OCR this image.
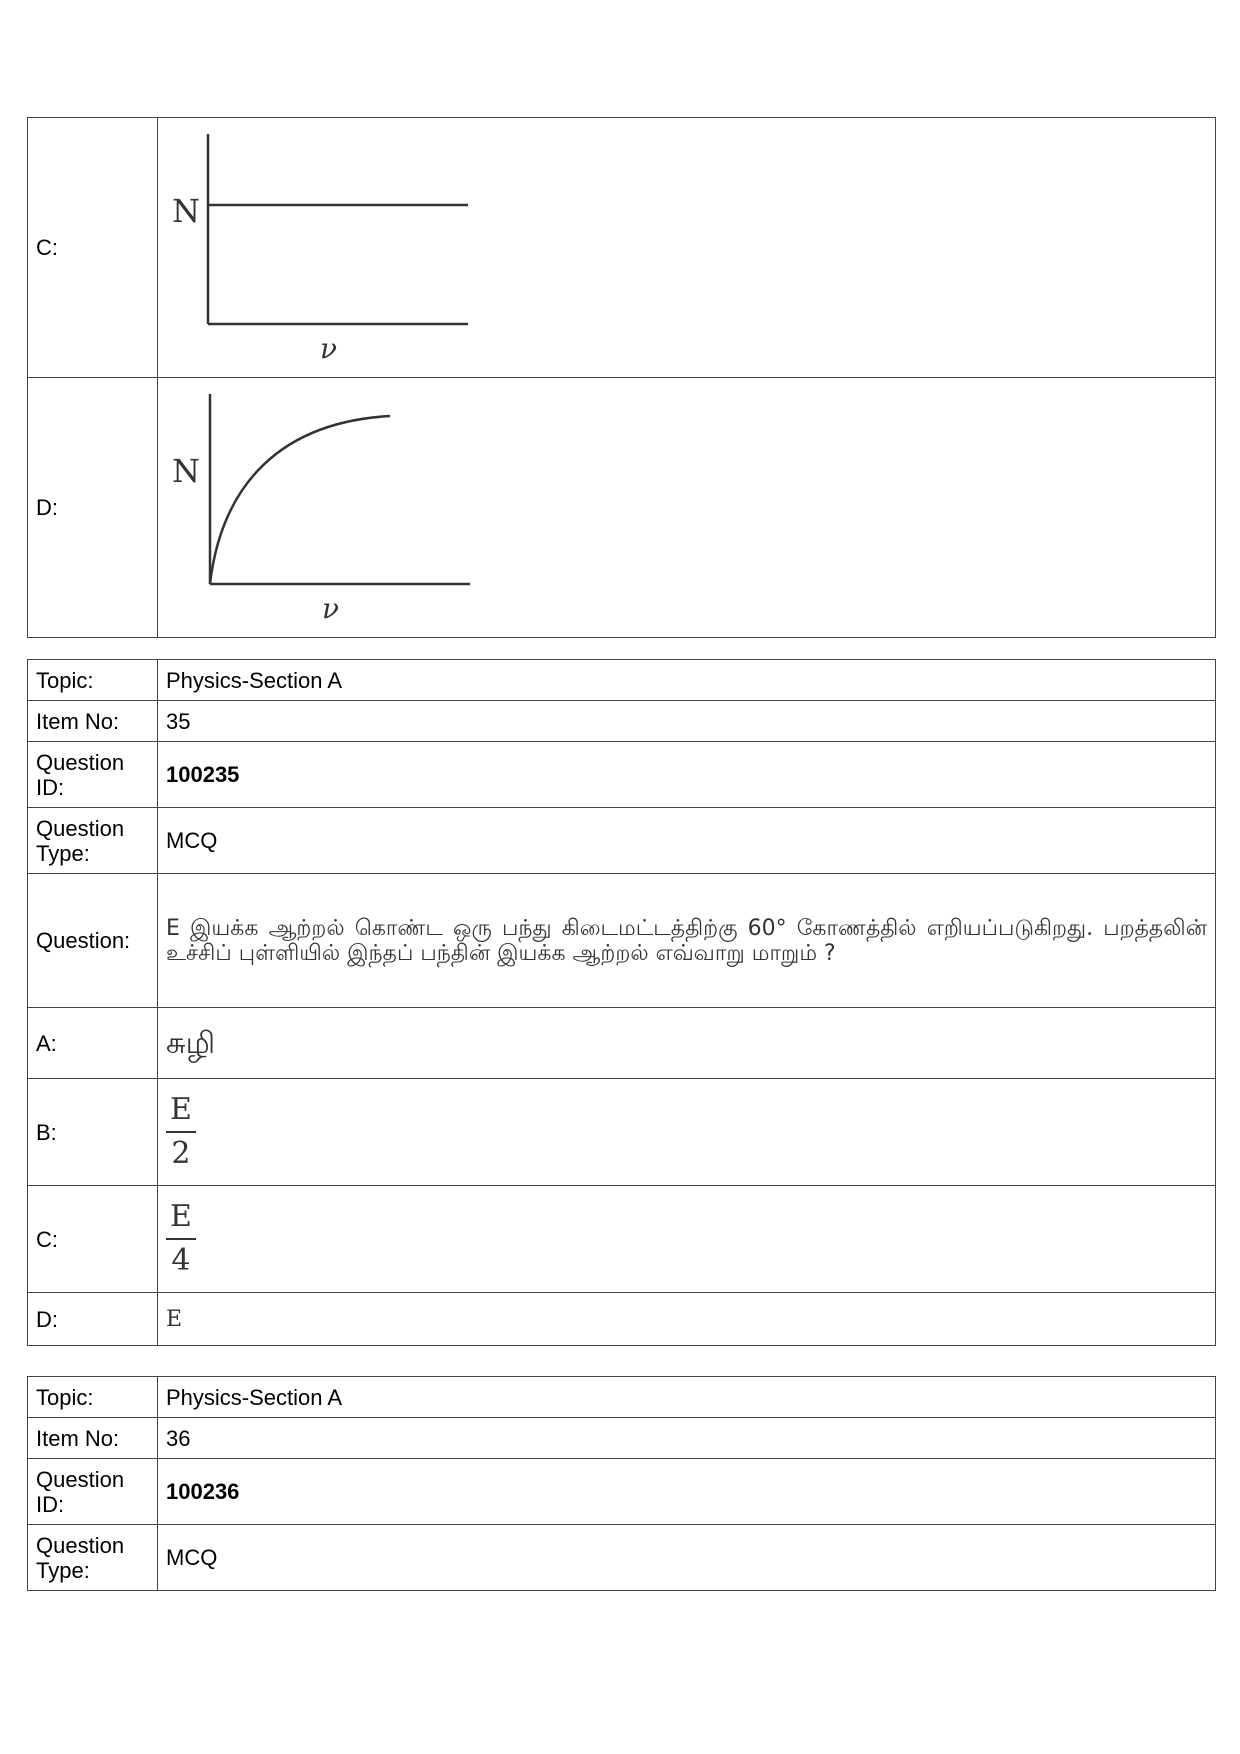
C:	N
ν

D:	N
ν
Topic:	Physics-Section A
Item No:	35
Question ID:	100235
Question Type:	MCQ
Question:	E இயக்க ஆற்றல் கொண்ட ஒரு பந்து கிடைமட்டத்திற்கு 60° கோணத்தில் எறியப்படுகிறது. பறத்தலின் உச்சிப் புள்ளியில் இந்தப் பந்தின் இயக்க ஆற்றல் எவ்வாறு மாறும் ?
A:	சுழி
B:	$\frac{E}{2}$

C:	$\frac{E}{4}$

D:	E
Topic:	Physics-Section A
Item No:	36
Question ID:	100236
Question Type:	MCQ
